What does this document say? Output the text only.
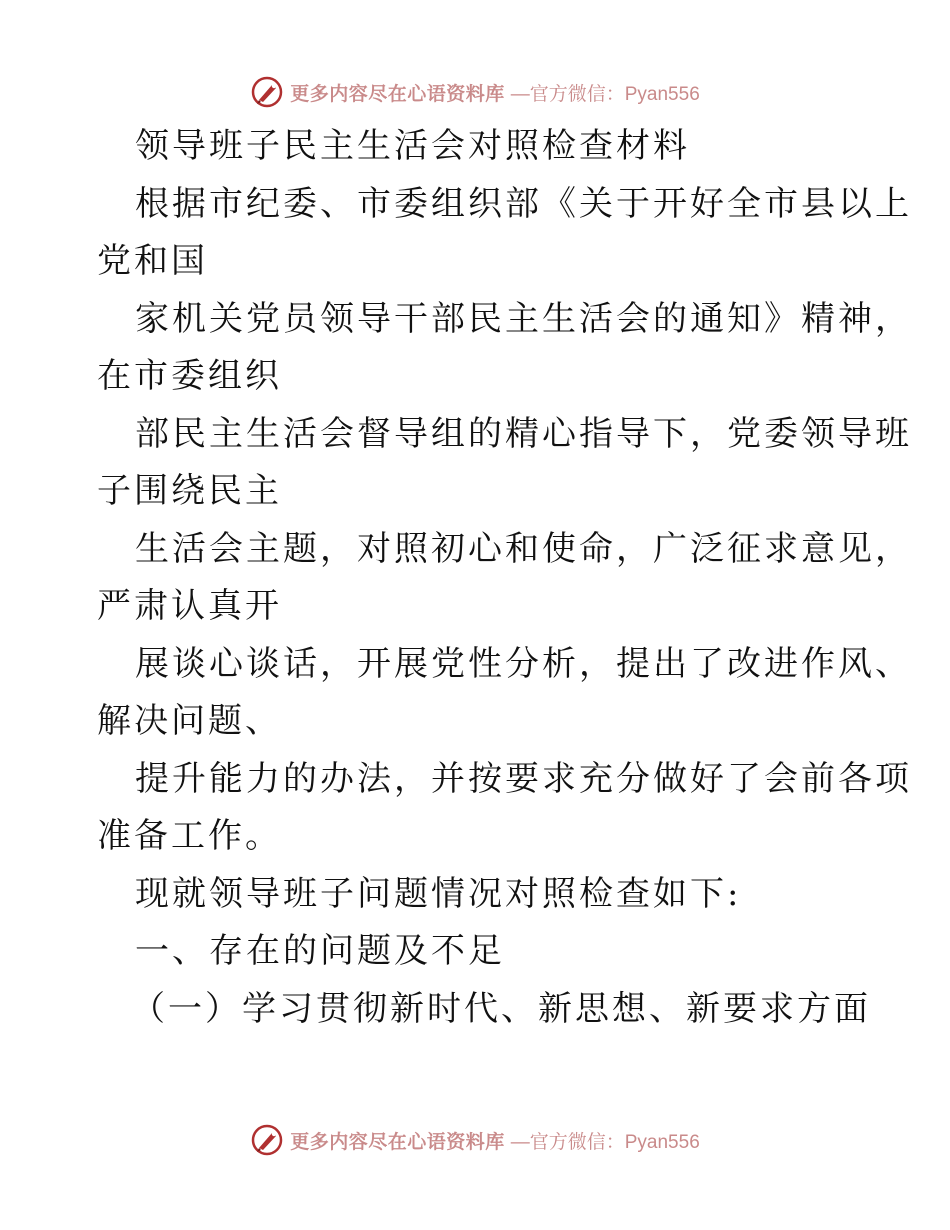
更多内容尽在心语资料库 —官方微信：Pyan556
领导班子民主生活会对照检查材料
根据市纪委、市委组织部《关于开好全市县以上
党和国
家机关党员领导干部民主生活会的通知》精神，
在市委组织
部民主生活会督导组的精心指导下，党委领导班
子围绕民主
生活会主题，对照初心和使命，广泛征求意见，
严肃认真开
展谈心谈话，开展党性分析，提出了改进作风、
解决问题、
提升能力的办法，并按要求充分做好了会前各项
准备工作。
现就领导班子问题情况对照检查如下:
一、存在的问题及不足
（一）学习贯彻新时代、新思想、新要求方面
更多内容尽在心语资料库 —官方微信：Pyan556
